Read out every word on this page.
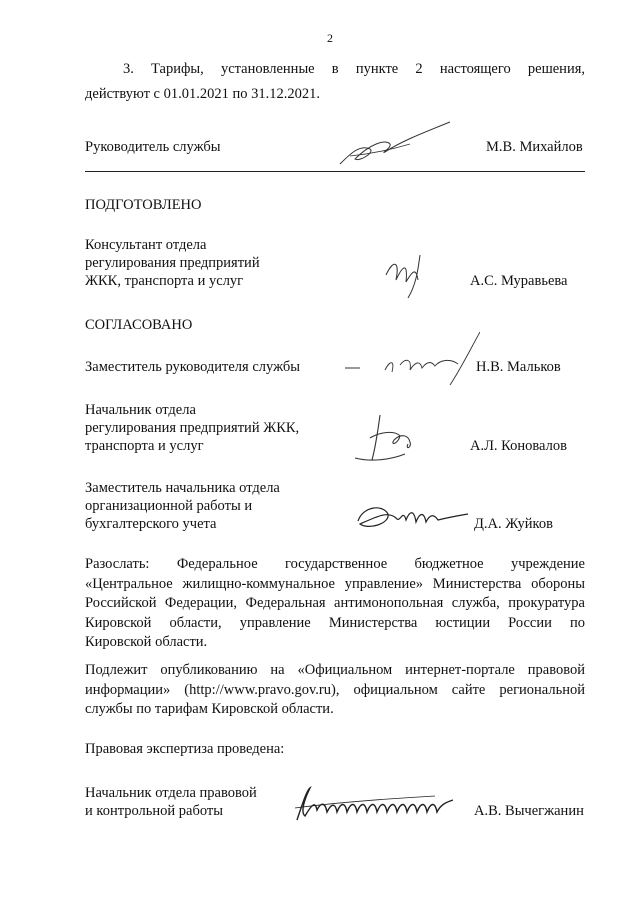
2
3. Тарифы, установленные в пункте 2 настоящего решения,
действуют с 01.01.2021 по 31.12.2021.
Руководитель службы	М.В. Михайлов
ПОДГОТОВЛЕНО
Консультант отдела
регулирования предприятий
ЖКК, транспорта и услуг	А.С. Муравьева
СОГЛАСОВАНО
Заместитель руководителя службы	Н.В. Мальков
Начальник отдела
регулирования предприятий ЖКК,
транспорта и услуг	А.Л. Коновалов
Заместитель начальника отдела
организационной работы и
бухгалтерского учета	Д.А. Жуйков
Разослать: Федеральное государственное бюджетное учреждение
«Центральное жилищно-коммунальное управление» Министерства обороны
Российской Федерации, Федеральная антимонопольная служба, прокуратура
Кировской области, управление Министерства юстиции России по
Кировской области.
Подлежит опубликованию на «Официальном интернет-портале правовой
информации» (http://www.pravo.gov.ru), официальном сайте региональной
службы по тарифам Кировской области.
Правовая экспертиза проведена:
Начальник отдела правовой
и контрольной работы	А.В. Вычегжанин
